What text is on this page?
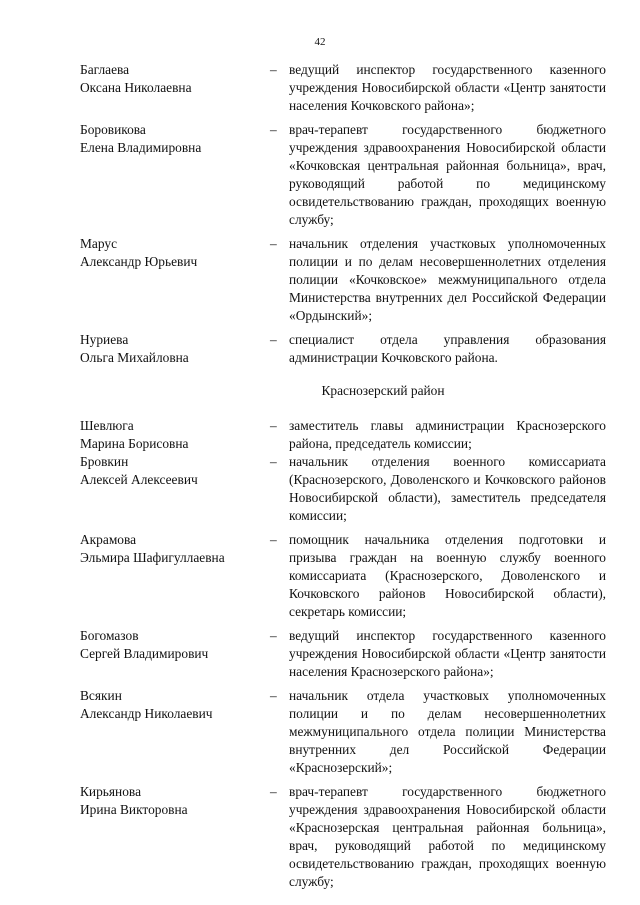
42
Баглаева
Оксана Николаевна
– ведущий инспектор государственного казенного учреждения Новосибирской области «Центр занятости населения Кочковского района»;
Боровикова
Елена Владимировна
– врач-терапевт государственного бюджетного учреждения здравоохранения Новосибирской области «Кочковская центральная районная больница», врач, руководящий работой по медицинскому освидетельствованию граждан, проходящих военную службу;
Марус
Александр Юрьевич
– начальник отделения участковых уполномоченных полиции и по делам несовершеннолетних отделения полиции «Кочковское» межмуниципального отдела Министерства внутренних дел Российской Федерации «Ордынский»;
Нуриева
Ольга Михайловна
– специалист отдела управления образования администрации Кочковского района.
Краснозерский район
Шевлюга
Марина Борисовна
– заместитель главы администрации Краснозерского района, председатель комиссии;
Бровкин
Алексей Алексеевич
– начальник отделения военного комиссариата (Краснозерского, Доволенского и Кочковского районов Новосибирской области), заместитель председателя комиссии;
Акрамова
Эльмира Шафигуллаевна
– помощник начальника отделения подготовки и призыва граждан на военную службу военного комиссариата (Краснозерского, Доволенского и Кочковского районов Новосибирской области), секретарь комиссии;
Богомазов
Сергей Владимирович
– ведущий инспектор государственного казенного учреждения Новосибирской области «Центр занятости населения Краснозерского района»;
Всякин
Александр Николаевич
– начальник отдела участковых уполномоченных полиции и по делам несовершеннолетних межмуниципального отдела полиции Министерства внутренних дел Российской Федерации «Краснозерский»;
Кирьянова
Ирина Викторовна
– врач-терапевт государственного бюджетного учреждения здравоохранения Новосибирской области «Краснозерская центральная районная больница», врач, руководящий работой по медицинскому освидетельствованию граждан, проходящих военную службу;
